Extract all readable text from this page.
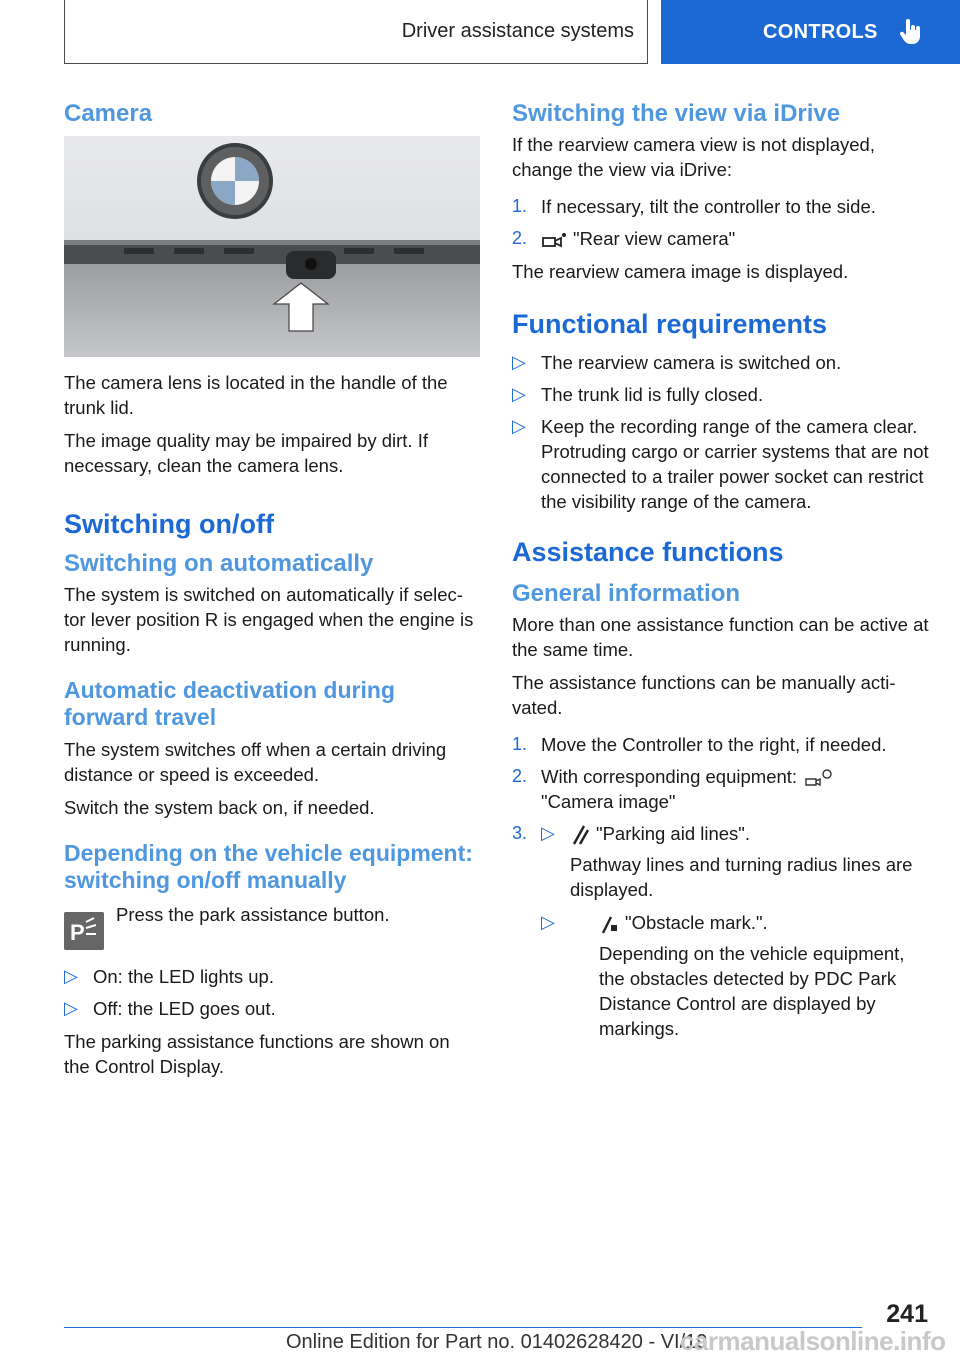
Driver assistance systems	CONTROLS
Camera

The camera lens is located in the handle of the trunk lid.

The image quality may be impaired by dirt. If necessary, clean the camera lens.

Switching on/off
Switching on automatically

The system is switched on automatically if selec-tor lever position R is engaged when the engine is running.

Automatic deactivation during forward travel

The system switches off when a certain driving distance or speed is exceeded.

Switch the system back on, if needed.

Depending on the vehicle equipment: switching on/off manually
P

Press the park assistance button.

▷ On: the LED lights up.
▷ Off: the LED goes out.

The parking assistance functions are shown on the Control Display.

Switching the view via iDrive

If the rearview camera view is not displayed, change the view via iDrive:

1. If necessary, tilt the controller to the side.
2. "Rear view camera"

The rearview camera image is displayed.

Functional requirements
▷ The rearview camera is switched on.
▷ The trunk lid is fully closed.
▷ Keep the recording range of the camera clear. Protruding cargo or carrier systems that are not connected to a trailer power socket can restrict the visibility range of the camera.
Assistance functions
General information

More than one assistance function can be active at the same time.

The assistance functions can be manually acti-vated.

1. Move the Controller to the right, if needed.
2. With corresponding equipment:
"Camera image"
3. ▷ "Parking aid lines".
Pathway lines and turning radius lines are displayed.
▷	"Obstacle mark.".
Depending on the vehicle equipment, the obstacles detected by PDC Park Distance Control are displayed by markings.
241
Online Edition for Part no. 01402628420 - VI/19
carmanualsonline.info
